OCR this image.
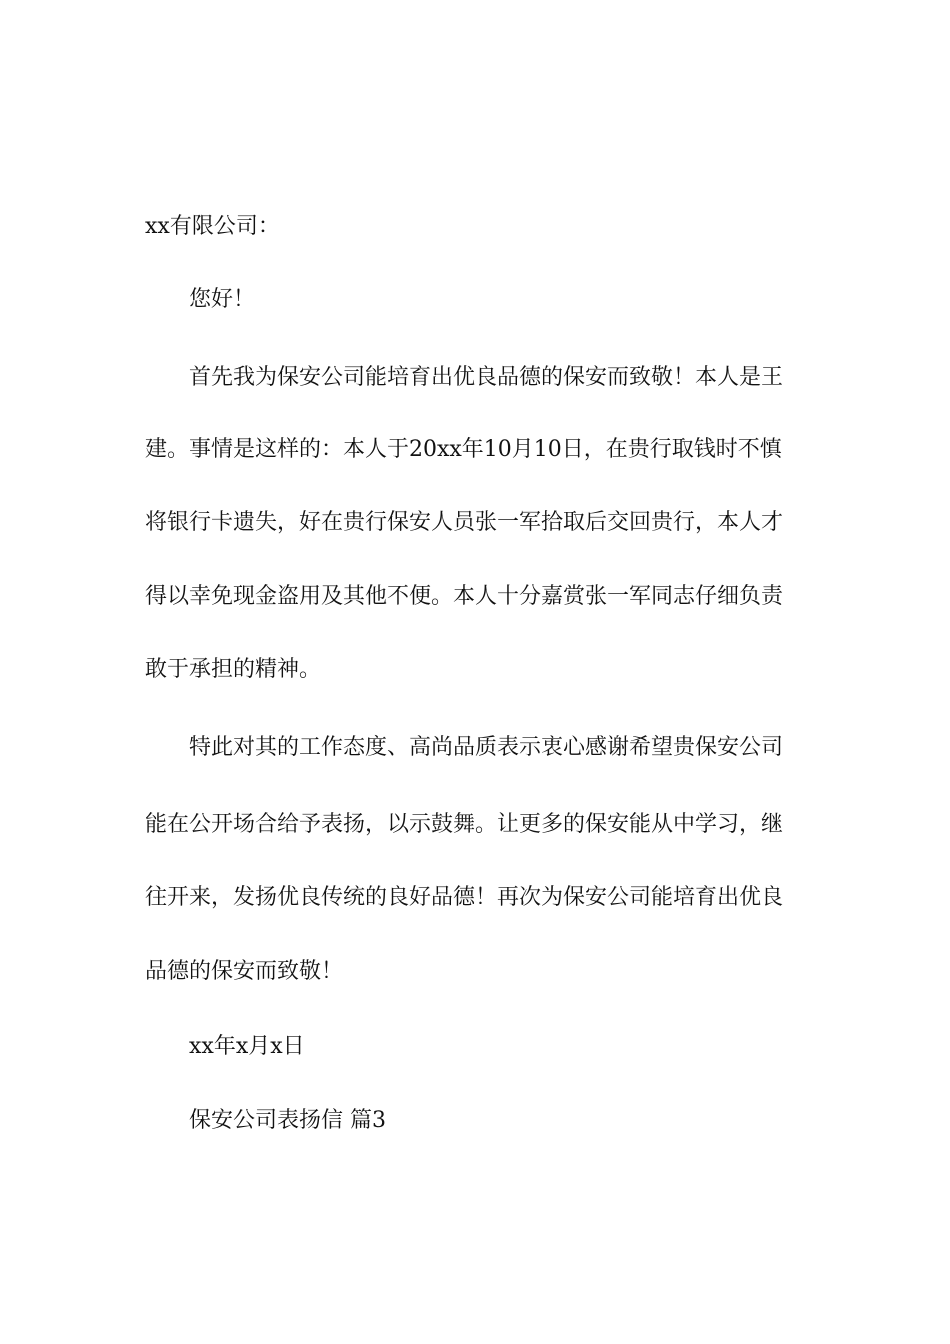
xx有限公司：
您好！
首先我为保安公司能培育出优良品德的保安而致敬！本人是王
建。事情是这样的：本人于20xx年10月10日，在贵行取钱时不慎
将银行卡遗失，好在贵行保安人员张一军拾取后交回贵行，本人才
得以幸免现金盗用及其他不便。本人十分嘉赏张一军同志仔细负责
敢于承担的精神。
特此对其的工作态度、高尚品质表示衷心感谢希望贵保安公司
能在公开场合给予表扬，以示鼓舞。让更多的保安能从中学习，继
往开来，发扬优良传统的良好品德！再次为保安公司能培育出优良
品德的保安而致敬！
xx年x月x日
保安公司表扬信 篇3
